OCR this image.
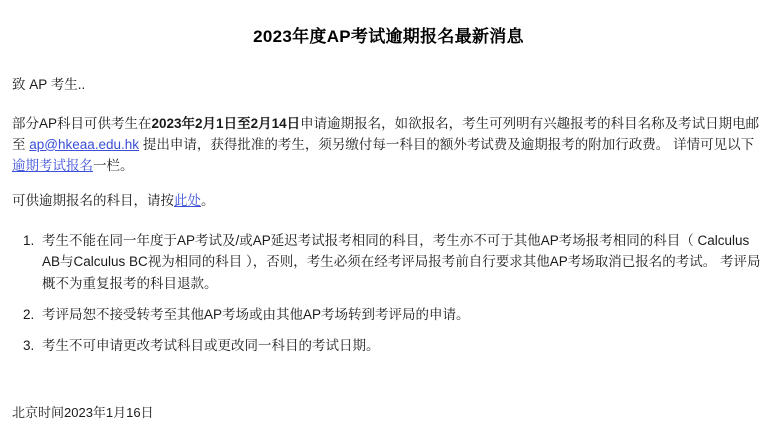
2023年度AP考试逾期报名最新消息

致 AP 考生..

部分AP科目可供考生在2023年2月1日至2月14日申请逾期报名，如欲报名，考生可列明有兴趣报考的科目名称及考试日期电邮至 ap@hkeaa.edu.hk 提出申请，获得批准的考生，须另缴付每一科目的额外考试费及逾期报考的附加行政费。 详情可见以下逾期考试报名一栏。

可供逾期报名的科目，请按此处。

1. 考生不能在同一年度于AP考试及/或AP延迟考试报考相同的科目，考生亦不可于其他AP考场报考相同的科目（ Calculus AB与Calculus BC视为相同的科目 ），否则，考生必须在经考评局报考前自行要求其他AP考场取消已报名的考试。 考评局概不为重复报考的科目退款。
2. 考评局恕不接受转考至其他AP考场或由其他AP考场转到考评局的申请。
3. 考生不可申请更改考试科目或更改同一科目的考试日期。
北京时间2023年1月16日
